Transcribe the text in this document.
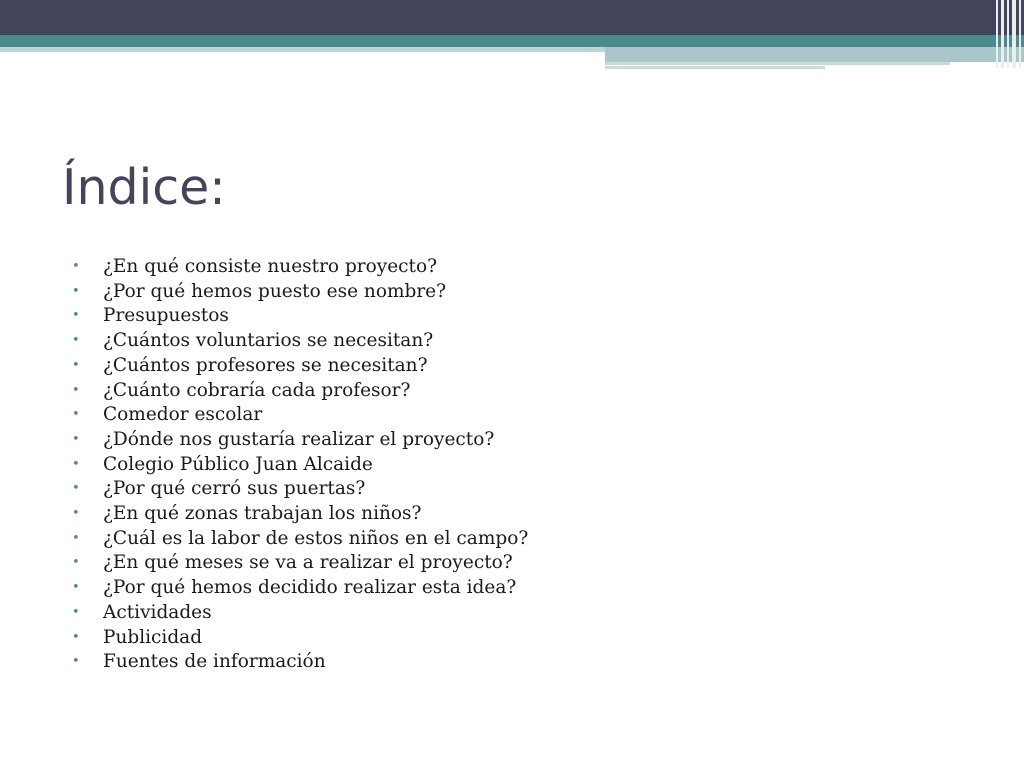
Índice:
• ¿En qué consiste nuestro proyecto?
• ¿Por qué hemos puesto ese nombre?
• Presupuestos
• ¿Cuántos voluntarios se necesitan?
• ¿Cuántos profesores se necesitan?
• ¿Cuánto cobraría cada profesor?
• Comedor escolar
• ¿Dónde nos gustaría realizar el proyecto?
• Colegio Público Juan Alcaide
• ¿Por qué cerró sus puertas?
• ¿En qué zonas trabajan los niños?
• ¿Cuál es la labor de estos niños en el campo?
• ¿En qué meses se va a realizar el proyecto?
• ¿Por qué hemos decidido realizar esta idea?
• Actividades
• Publicidad
• Fuentes de información
